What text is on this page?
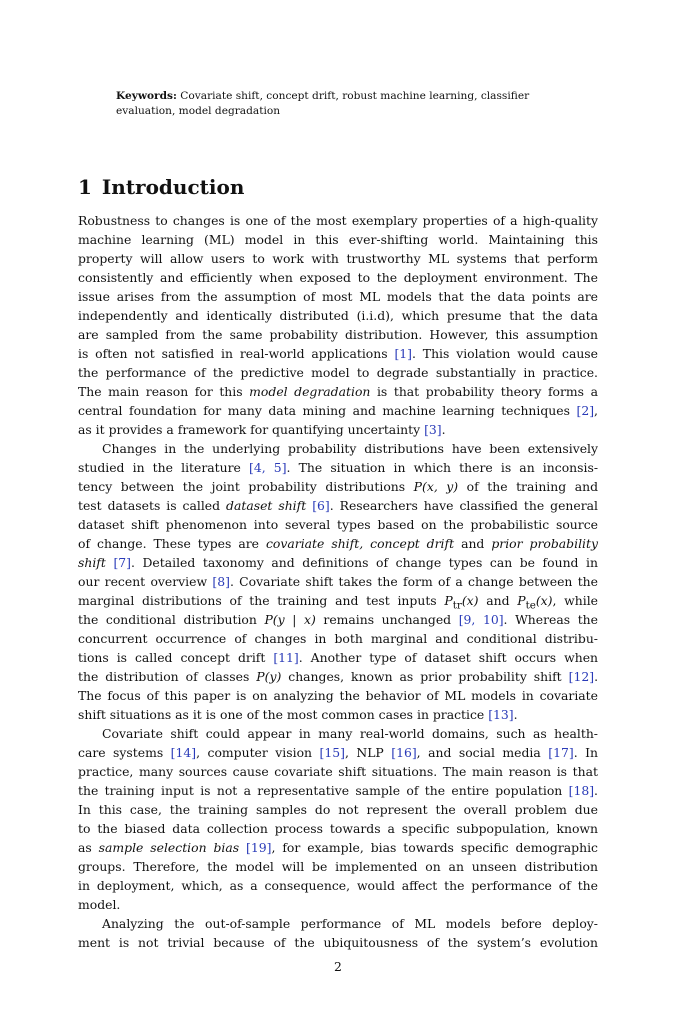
Keywords: Covariate shift, concept drift, robust machine learning, classifier evaluation, model degradation
1 Introduction
Robustness to changes is one of the most exemplary properties of a high-quality
machine learning (ML) model in this ever-shifting world. Maintaining this
property will allow users to work with trustworthy ML systems that perform
consistently and efficiently when exposed to the deployment environment. The
issue arises from the assumption of most ML models that the data points are
independently and identically distributed (i.i.d), which presume that the data
are sampled from the same probability distribution. However, this assumption
is often not satisfied in real-world applications [1]. This violation would cause
the performance of the predictive model to degrade substantially in practice.
The main reason for this model degradation is that probability theory forms a
central foundation for many data mining and machine learning techniques [2],
as it provides a framework for quantifying uncertainty [3].
Changes in the underlying probability distributions have been extensively
studied in the literature [4, 5]. The situation in which there is an inconsis-
tency between the joint probability distributions P(x, y) of the training and
test datasets is called dataset shift [6]. Researchers have classified the general
dataset shift phenomenon into several types based on the probabilistic source
of change. These types are covariate shift, concept drift and prior probability
shift [7]. Detailed taxonomy and definitions of change types can be found in
our recent overview [8]. Covariate shift takes the form of a change between the
marginal distributions of the training and test inputs $P_{tr}(x)$ and $P_{te}(x)$, while
the conditional distribution P(y | x) remains unchanged [9, 10]. Whereas the
concurrent occurrence of changes in both marginal and conditional distribu-
tions is called concept drift [11]. Another type of dataset shift occurs when
the distribution of classes P(y) changes, known as prior probability shift [12].
The focus of this paper is on analyzing the behavior of ML models in covariate
shift situations as it is one of the most common cases in practice [13].
Covariate shift could appear in many real-world domains, such as health-
care systems [14], computer vision [15], NLP [16], and social media [17]. In
practice, many sources cause covariate shift situations. The main reason is that
the training input is not a representative sample of the entire population [18].
In this case, the training samples do not represent the overall problem due
to the biased data collection process towards a specific subpopulation, known
as sample selection bias [19], for example, bias towards specific demographic
groups. Therefore, the model will be implemented on an unseen distribution
in deployment, which, as a consequence, would affect the performance of the
model.
Analyzing the out-of-sample performance of ML models before deploy-
ment is not trivial because of the ubiquitousness of the system’s evolution
2
